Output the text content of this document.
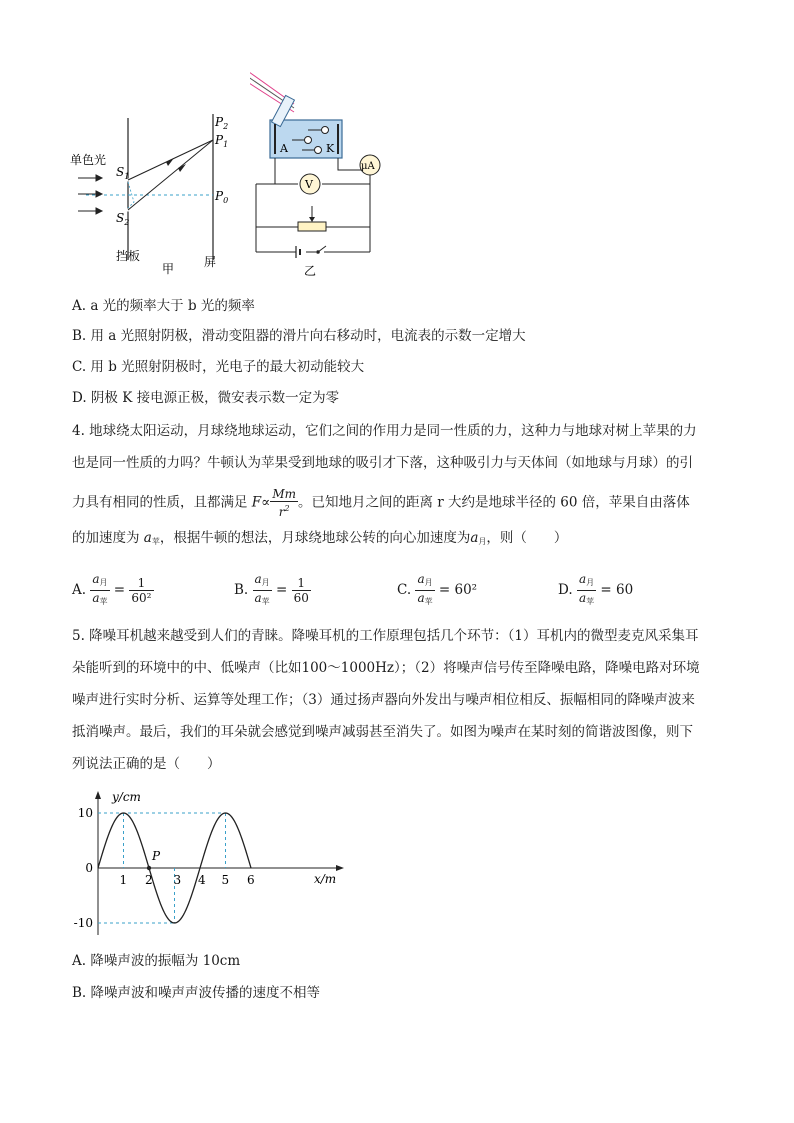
单色光
$S_1$
$S_2$
$P_2$
$P_1$
$P_0$
挡板	屏
甲
A	K
V
μA
乙
A. a 光的频率大于 b 光的频率
B. 用 a 光照射阴极，滑动变阻器的滑片向右移动时，电流表的示数一定增大
C. 用 b 光照射阴极时，光电子的最大初动能较大
D. 阴极 K 接电源正极，微安表示数一定为零
4. 地球绕太阳运动，月球绕地球运动，它们之间的作用力是同一性质的力，这种力与地球对树上苹果的力
也是同一性质的力吗？牛顿认为苹果受到地球的吸引才下落，这种吸引力与天体间（如地球与月球）的引
力具有相同的性质，且都满足 $F\propto \frac{Mm}{r^2}$ 。已知地月之间的距离 r 大约是地球半径的 60 倍，苹果自由落体
的加速度为 $a_苹$，根据牛顿的想法，月球绕地球公转的向心加速度为$a_月$，则（　　）
A. $\frac{a_月}{a_苹} = \frac{1}{\text{60²}}$	B. $\frac{a_月}{a_苹} = \frac{1}{60}$	C. $\frac{a_月}{a_苹} = 60^2$	D. $\frac{a_月}{a_苹} = 60$
5. 降噪耳机越来越受到人们的青睐。降噪耳机的工作原理包括几个环节：（1）耳机内的微型麦克风采集耳
朵能听到的环境中的中、低噪声（比如100～1000Hz）；（2）将噪声信号传至降噪电路，降噪电路对环境
噪声进行实时分析、运算等处理工作；（3）通过扬声器向外发出与噪声相位相反、振幅相同的降噪声波来
抵消噪声。最后，我们的耳朵就会感觉到噪声减弱甚至消失了。如图为噪声在某时刻的简谐波图像，则下
列说法正确的是（　　）
y/cm
x/m
1 2 3 4 5 6
10
0
-10
P
A. 降噪声波的振幅为 10cm
B. 降噪声波和噪声声波传播的速度不相等
